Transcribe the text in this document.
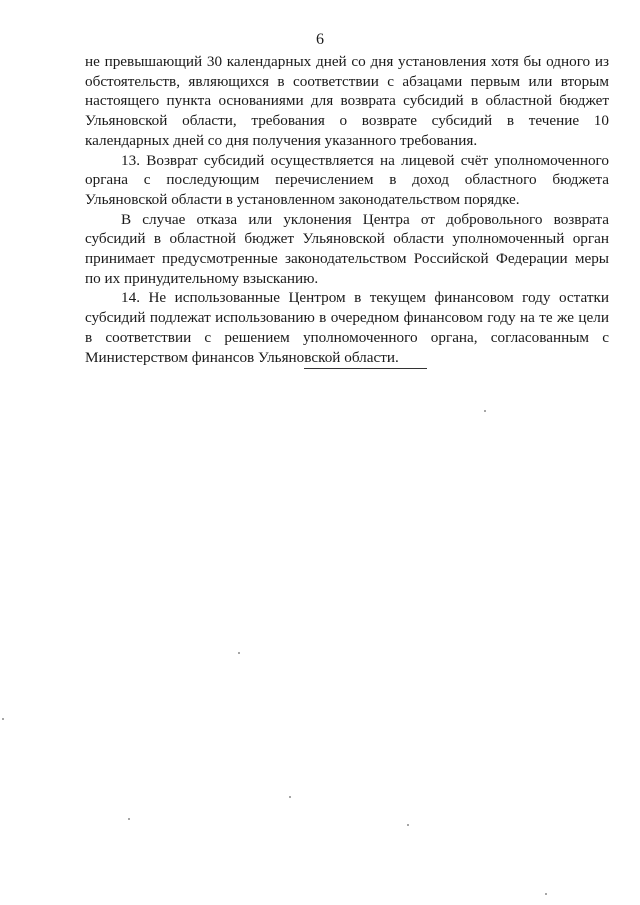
6

не превышающий 30 календарных дней со дня установления хотя бы одного из обстоятельств, являющихся в соответствии с абзацами первым или вторым настоящего пункта основаниями для возврата субсидий в областной бюджет Ульяновской области, требования о возврате субсидий в течение 10 календарных дней со дня получения указанного требования.

13. Возврат субсидий осуществляется на лицевой счёт уполномоченного органа с последующим перечислением в доход областного бюджета Ульяновской области в установленном законодательством порядке.

В случае отказа или уклонения Центра от добровольного возврата субсидий в областной бюджет Ульяновской области уполномоченный орган принимает предусмотренные законодательством Российской Федерации меры по их принудительному взысканию.

14. Не использованные Центром в текущем финансовом году остатки субсидий подлежат использованию в очередном финансовом году на те же цели в соответствии с решением уполномоченного органа, согласованным с Министерством финансов Ульяновской области.
